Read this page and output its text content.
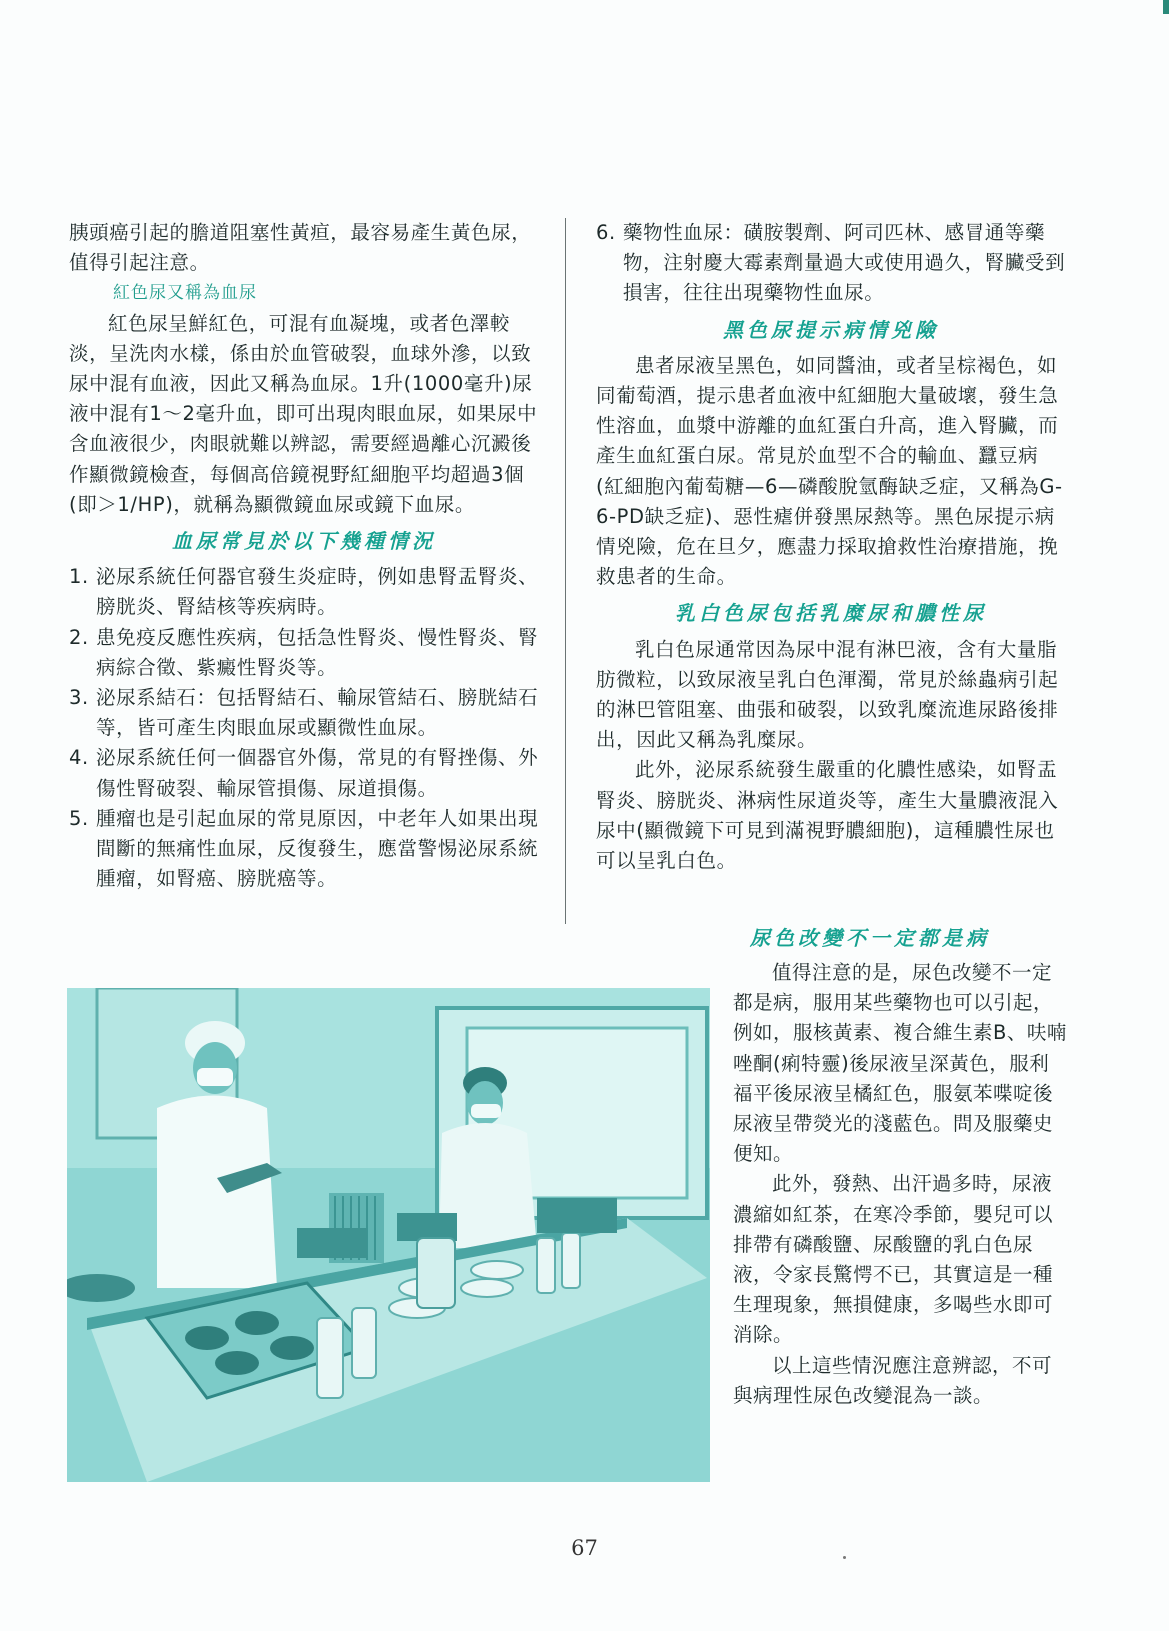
胰頭癌引起的膽道阻塞性黃疸，最容易產生黃色尿，值得引起注意。

紅色尿又稱為血尿

紅色尿呈鮮紅色，可混有血凝塊，或者色澤較淡，呈洗肉水樣，係由於血管破裂，血球外滲，以致尿中混有血液，因此又稱為血尿。1升(1000毫升)尿液中混有1～2毫升血，即可出現肉眼血尿，如果尿中含血液很少，肉眼就難以辨認，需要經過離心沉澱後作顯微鏡檢查，每個高倍鏡視野紅細胞平均超過3個(即＞1/HP)，就稱為顯微鏡血尿或鏡下血尿。

血尿常見於以下幾種情況

1. 泌尿系統任何器官發生炎症時，例如患腎盂腎炎、膀胱炎、腎結核等疾病時。
2. 患免疫反應性疾病，包括急性腎炎、慢性腎炎、腎病綜合徵、紫癜性腎炎等。
3. 泌尿系結石：包括腎結石、輸尿管結石、膀胱結石等，皆可產生肉眼血尿或顯微性血尿。
4. 泌尿系統任何一個器官外傷，常見的有腎挫傷、外傷性腎破裂、輸尿管損傷、尿道損傷。
5. 腫瘤也是引起血尿的常見原因，中老年人如果出現間斷的無痛性血尿，反復發生，應當警惕泌尿系統腫瘤，如腎癌、膀胱癌等。
6. 藥物性血尿：磺胺製劑、阿司匹林、感冒通等藥物，注射慶大霉素劑量過大或使用過久，腎臟受到損害，往往出現藥物性血尿。

黑色尿提示病情兇險

患者尿液呈黑色，如同醬油，或者呈棕褐色，如同葡萄酒，提示患者血液中紅細胞大量破壞，發生急性溶血，血漿中游離的血紅蛋白升高，進入腎臟，而產生血紅蛋白尿。常見於血型不合的輸血、蠶豆病(紅細胞內葡萄糖—6—磷酸脫氫酶缺乏症，又稱為G-6-PD缺乏症)、惡性瘧併發黑尿熱等。黑色尿提示病情兇險，危在旦夕，應盡力採取搶救性治療措施，挽救患者的生命。

乳白色尿包括乳糜尿和膿性尿

乳白色尿通常因為尿中混有淋巴液，含有大量脂肪微粒，以致尿液呈乳白色渾濁，常見於絲蟲病引起的淋巴管阻塞、曲張和破裂，以致乳糜流進尿路後排出，因此又稱為乳糜尿。

此外，泌尿系統發生嚴重的化膿性感染，如腎盂腎炎、膀胱炎、淋病性尿道炎等，產生大量膿液混入尿中(顯微鏡下可見到滿視野膿細胞)，這種膿性尿也可以呈乳白色。

尿色改變不一定都是病

值得注意的是，尿色改變不一定都是病，服用某些藥物也可以引起，例如，服核黃素、複合維生素B、呋喃唑酮(痢特靈)後尿液呈深黃色，服利福平後尿液呈橘紅色，服氨苯喋啶後尿液呈帶熒光的淺藍色。問及服藥史便知。

此外，發熱、出汗過多時，尿液濃縮如紅茶，在寒冷季節，嬰兒可以排帶有磷酸鹽、尿酸鹽的乳白色尿液，令家長驚愕不已，其實這是一種生理現象，無損健康，多喝些水即可消除。

以上這些情況應注意辨認，不可與病理性尿色改變混為一談。

67
